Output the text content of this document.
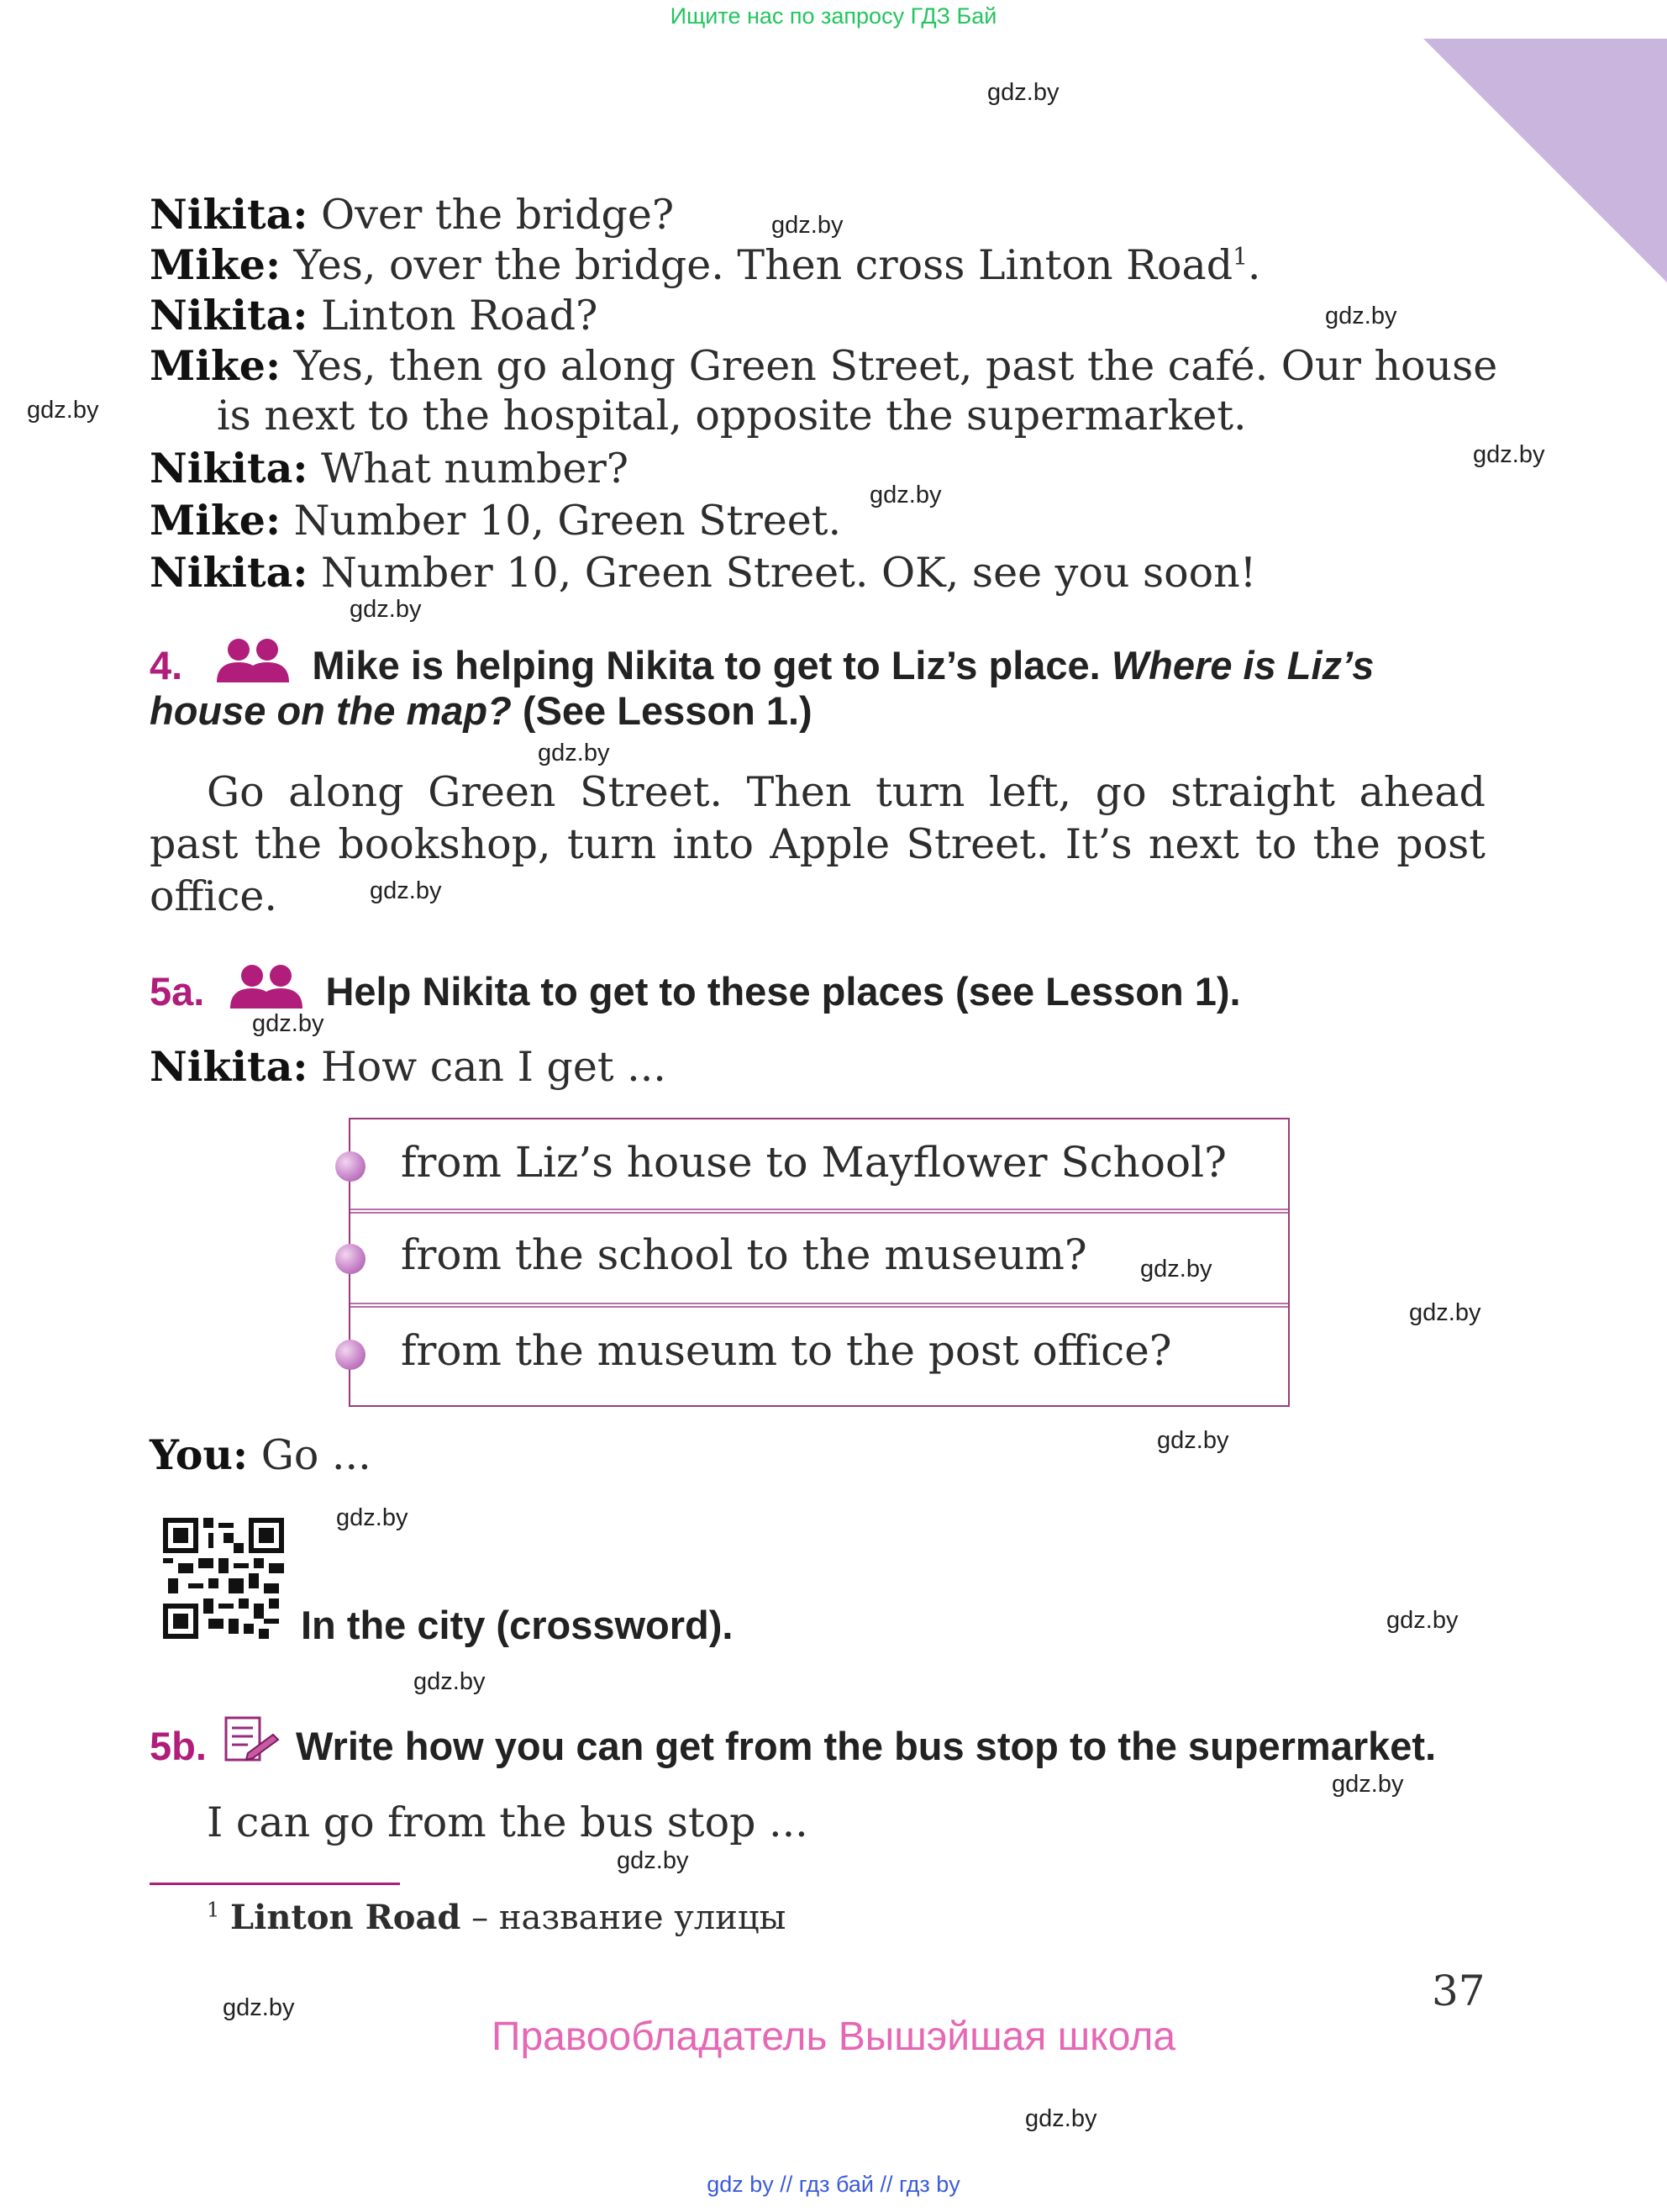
Ищите нас по запросу ГДЗ Бай
gdz.by
gdz.by
gdz.by
gdz.by
gdz.by
gdz.by
gdz.by
gdz.by
gdz.by
gdz.by
gdz.by
gdz.by
gdz.by
gdz.by
gdz.by
gdz.by
gdz.by
gdz.by
gdz.by
gdz.by
Nikita: Over the bridge?
Mike: Yes, over the bridge. Then cross Linton Road$^1$.
Nikita: Linton Road?
Mike: Yes, then go along Green Street, past the café. Our house
is next to the hospital, opposite the supermarket.
Nikita: What number?
Mike: Number 10, Green Street.
Nikita: Number 10, Green Street. OK, see you soon!
4.	Mike is helping Nikita to get to Liz’s place. Where is Liz’s
house on the map? (See Lesson 1.)
Go along Green Street. Then turn left, go straight ahead past the bookshop, turn into Apple Street. It’s next to the post office.
5a.	Help Nikita to get to these places (see Lesson 1).
Nikita: How can I get ...
from Liz’s house to Mayflower School?
from the school to the museum?
from the museum to the post office?
You: Go ...
In the city (crossword).
5b. Write how you can get from the bus stop to the supermarket.
I can go from the bus stop ...
$^1$ Linton Road – название улицы
37
Правообладатель Вышэйшая школа
gdz by // гдз бай // гдз by
